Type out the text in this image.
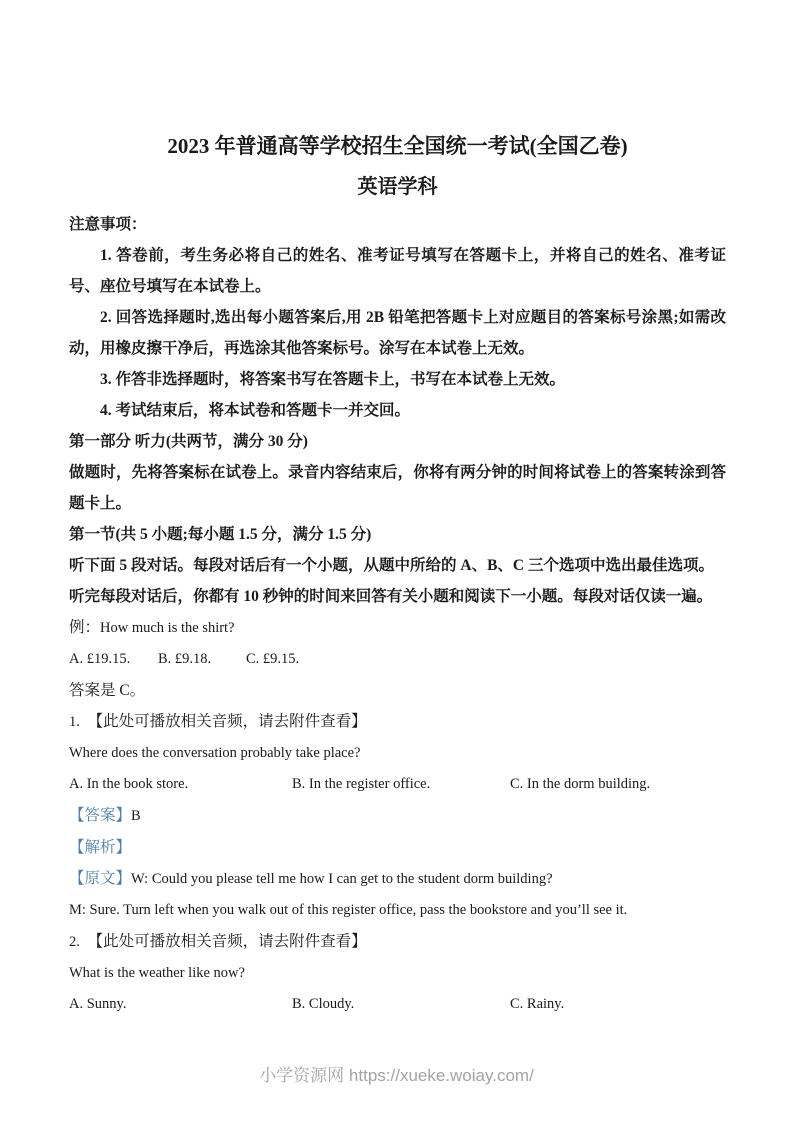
2023 年普通高等学校招生全国统一考试(全国乙卷)
英语学科
注意事项：

1. 答卷前，考生务必将自己的姓名、准考证号填写在答题卡上，并将自己的姓名、准考证号、座位号填写在本试卷上。

2. 回答选择题时,选出每小题答案后,用 2B 铅笔把答题卡上对应题目的答案标号涂黑;如需改动，用橡皮擦干净后，再选涂其他答案标号。涂写在本试卷上无效。

3. 作答非选择题时，将答案书写在答题卡上，书写在本试卷上无效。

4. 考试结束后，将本试卷和答题卡一并交回。

第一部分 听力(共两节，满分 30 分)

做题时，先将答案标在试卷上。录音内容结束后，你将有两分钟的时间将试卷上的答案转涂到答题卡上。

第一节(共 5 小题;每小题 1.5 分，满分 1.5 分)

听下面 5 段对话。每段对话后有一个小题，从题中所给的 A、B、C 三个选项中选出最佳选项。

听完每段对话后，你都有 10 秒钟的时间来回答有关小题和阅读下一小题。每段对话仅读一遍。

例：How much is the shirt?
A. £19.15.	B. £9.18.	C. £9.15.
答案是 C。
1. 【此处可播放相关音频，请去附件查看】
Where does the conversation probably take place?
A. In the book store.	B. In the register office.	C. In the dorm building.
【答案】B
【解析】
【原文】W: Could you please tell me how I can get to the student dorm building?
M: Sure. Turn left when you walk out of this register office, pass the bookstore and you’ll see it.
2. 【此处可播放相关音频，请去附件查看】
What is the weather like now?
A. Sunny.	B. Cloudy.	C. Rainy.
小学资源网 https://xueke.woiay.com/
